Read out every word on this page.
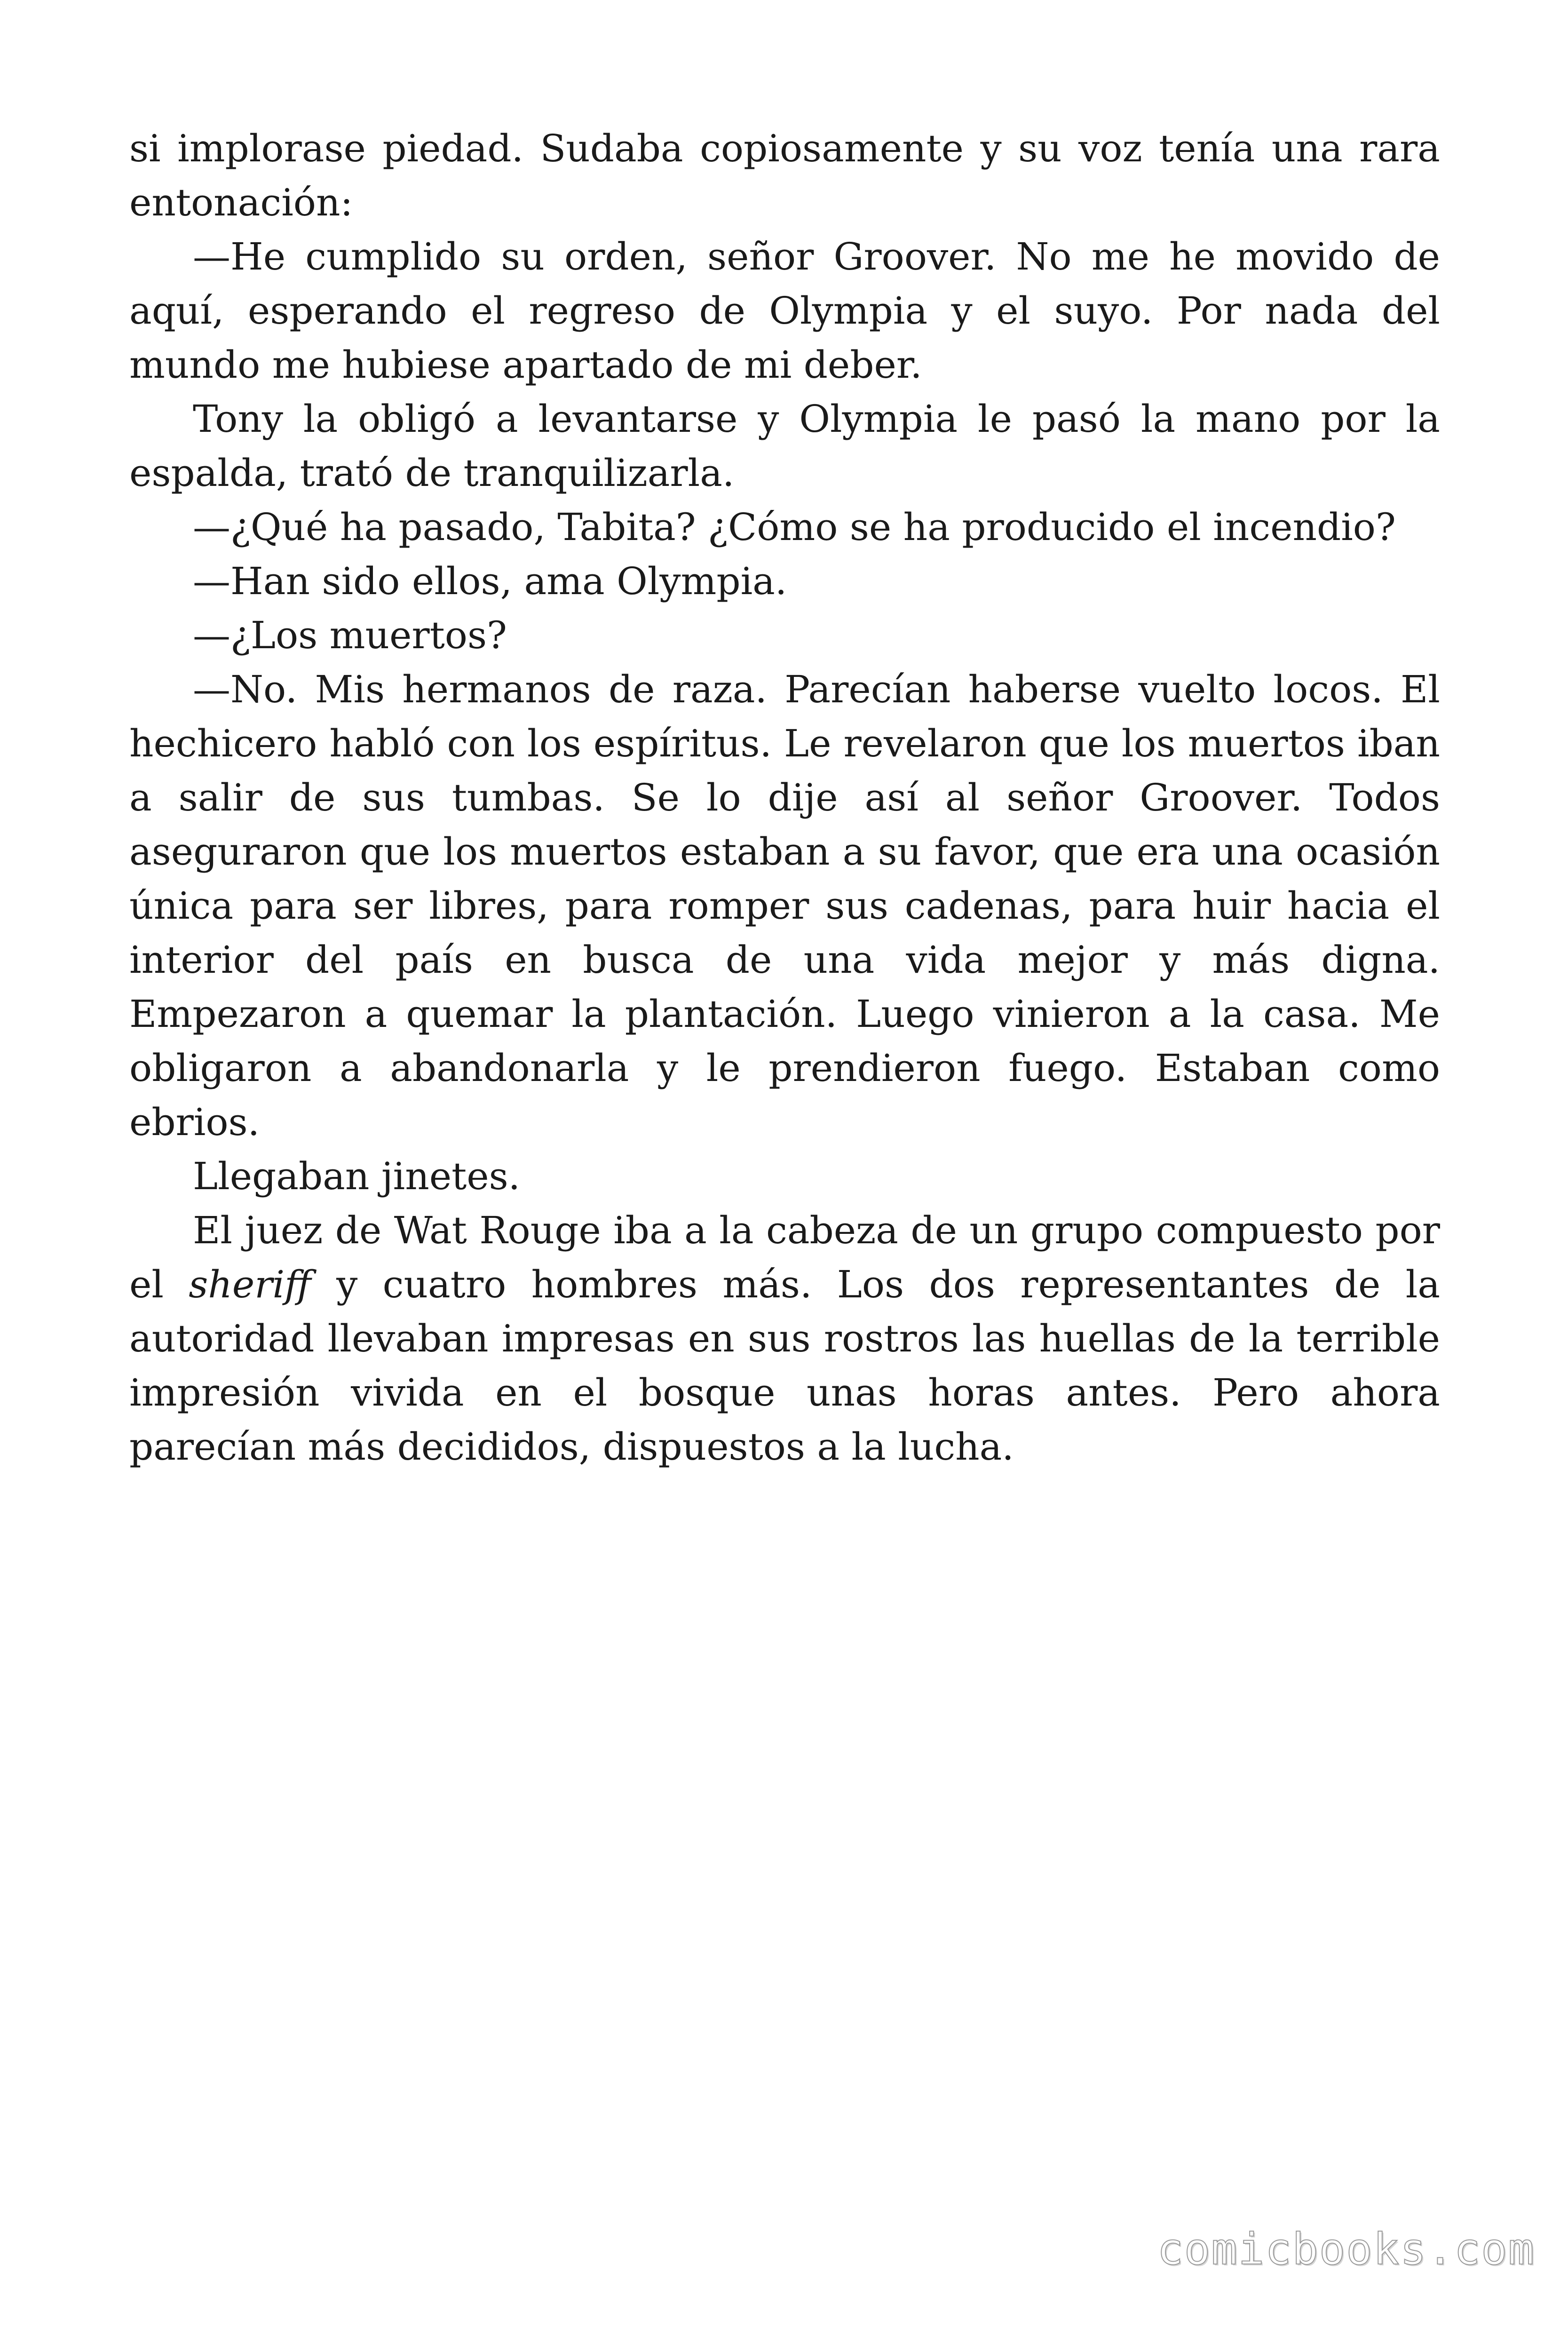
si implorase piedad. Sudaba copiosamente y su voz tenía una rara entonación:

—He cumplido su orden, señor Groover. No me he movido de aquí, esperando el regreso de Olympia y el suyo. Por nada del mundo me hubiese apartado de mi deber.

Tony la obligó a levantarse y Olympia le pasó la mano por la espalda, trató de tranquilizarla.

—¿Qué ha pasado, Tabita? ¿Cómo se ha producido el incendio?

—Han sido ellos, ama Olympia.

—¿Los muertos?

—No. Mis hermanos de raza. Parecían haberse vuelto locos. El hechicero habló con los espíritus. Le revelaron que los muertos iban a salir de sus tumbas. Se lo dije así al señor Groover. Todos aseguraron que los muertos estaban a su favor, que era una ocasión única para ser libres, para romper sus cadenas, para huir hacia el interior del país en busca de una vida mejor y más digna. Empezaron a quemar la plantación. Luego vinieron a la casa. Me obligaron a abandonarla y le prendieron fuego. Estaban como ebrios.

Llegaban jinetes.

El juez de Wat Rouge iba a la cabeza de un grupo compuesto por el sheriff y cuatro hombres más. Los dos representantes de la autoridad llevaban impresas en sus rostros las huellas de la terrible impresión vivida en el bosque unas horas antes. Pero ahora parecían más decididos, dispuestos a la lucha.

comicbooks.com
